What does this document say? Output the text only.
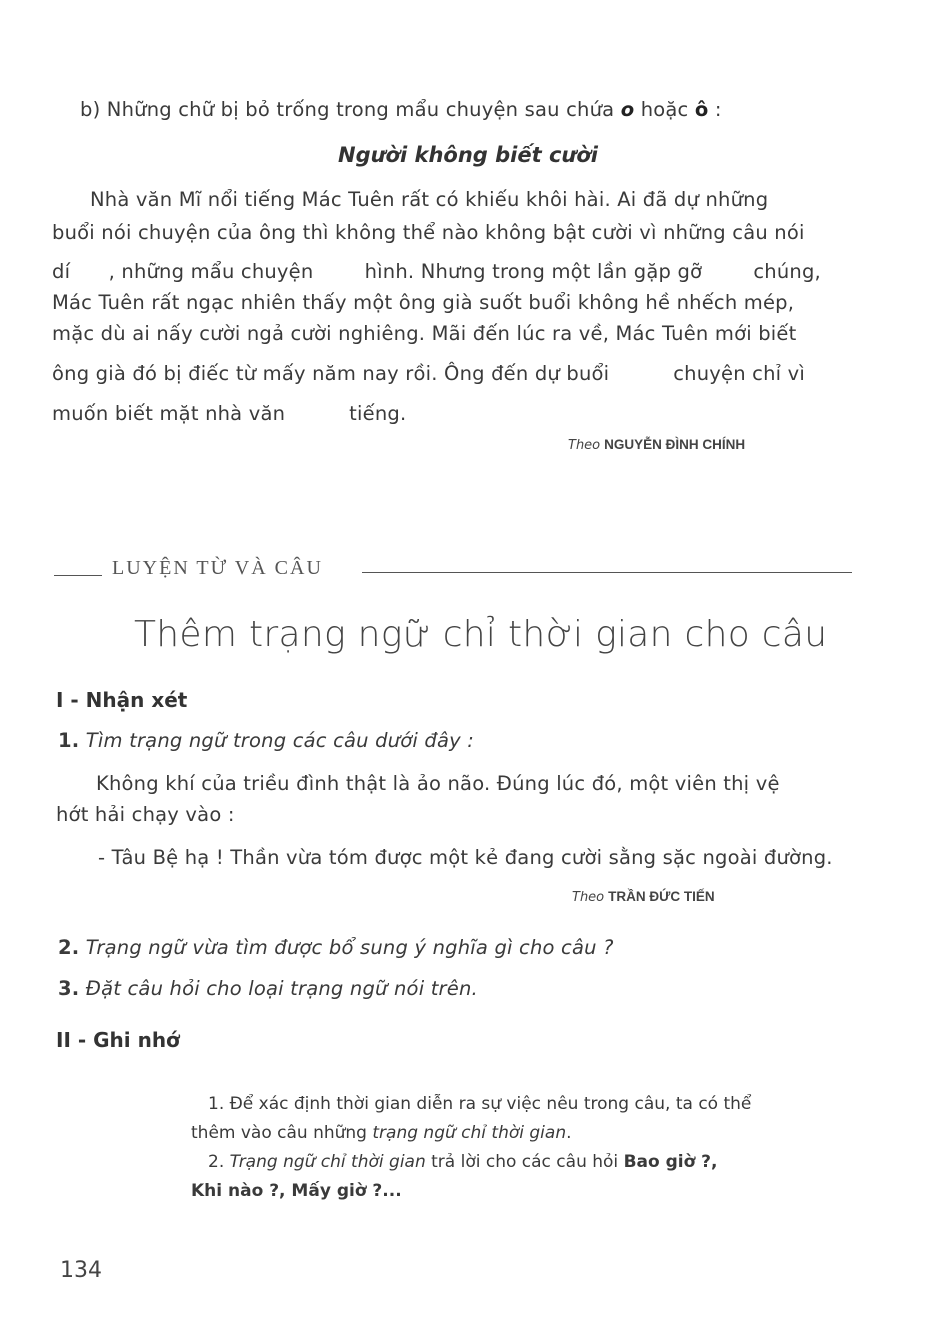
b) Những chữ bị bỏ trống trong mẩu chuyện sau chứa o hoặc ô :
Người không biết cười
Nhà văn Mĩ nổi tiếng Mác Tuên rất có khiếu khôi hài. Ai đã dự những
buổi nói chuyện của ông thì không thể nào không bật cười vì những câu nói
dí      , những mẩu chuyện        hình. Nhưng trong một lần gặp gỡ        chúng,
Mác Tuên rất ngạc nhiên thấy một ông già suốt buổi không hề nhếch mép,
mặc dù ai nấy cười ngả cười nghiêng. Mãi đến lúc ra về, Mác Tuên mới biết
ông già đó bị điếc từ mấy năm nay rồi. Ông đến dự buổi          chuyện chỉ vì
muốn biết mặt nhà văn          tiếng.
Theo NGUYỄN ĐÌNH CHÍNH
LUYỆN TỪ VÀ CÂU
Thêm trạng ngữ chỉ thời gian cho câu
I - Nhận xét
1. Tìm trạng ngữ trong các câu dưới đây :
Không khí của triều đình thật là ảo não. Đúng lúc đó, một viên thị vệ
hớt hải chạy vào :
- Tâu Bệ hạ ! Thần vừa tóm được một kẻ đang cười sằng sặc ngoài đường.
Theo TRẦN ĐỨC TIẾN
2. Trạng ngữ vừa tìm được bổ sung ý nghĩa gì cho câu ?
3. Đặt câu hỏi cho loại trạng ngữ nói trên.
II - Ghi nhớ
1. Để xác định thời gian diễn ra sự việc nêu trong câu, ta có thể
thêm vào câu những trạng ngữ chỉ thời gian.
2. Trạng ngữ chỉ thời gian trả lời cho các câu hỏi Bao giờ ?,
Khi nào ?, Mấy giờ ?...
134
